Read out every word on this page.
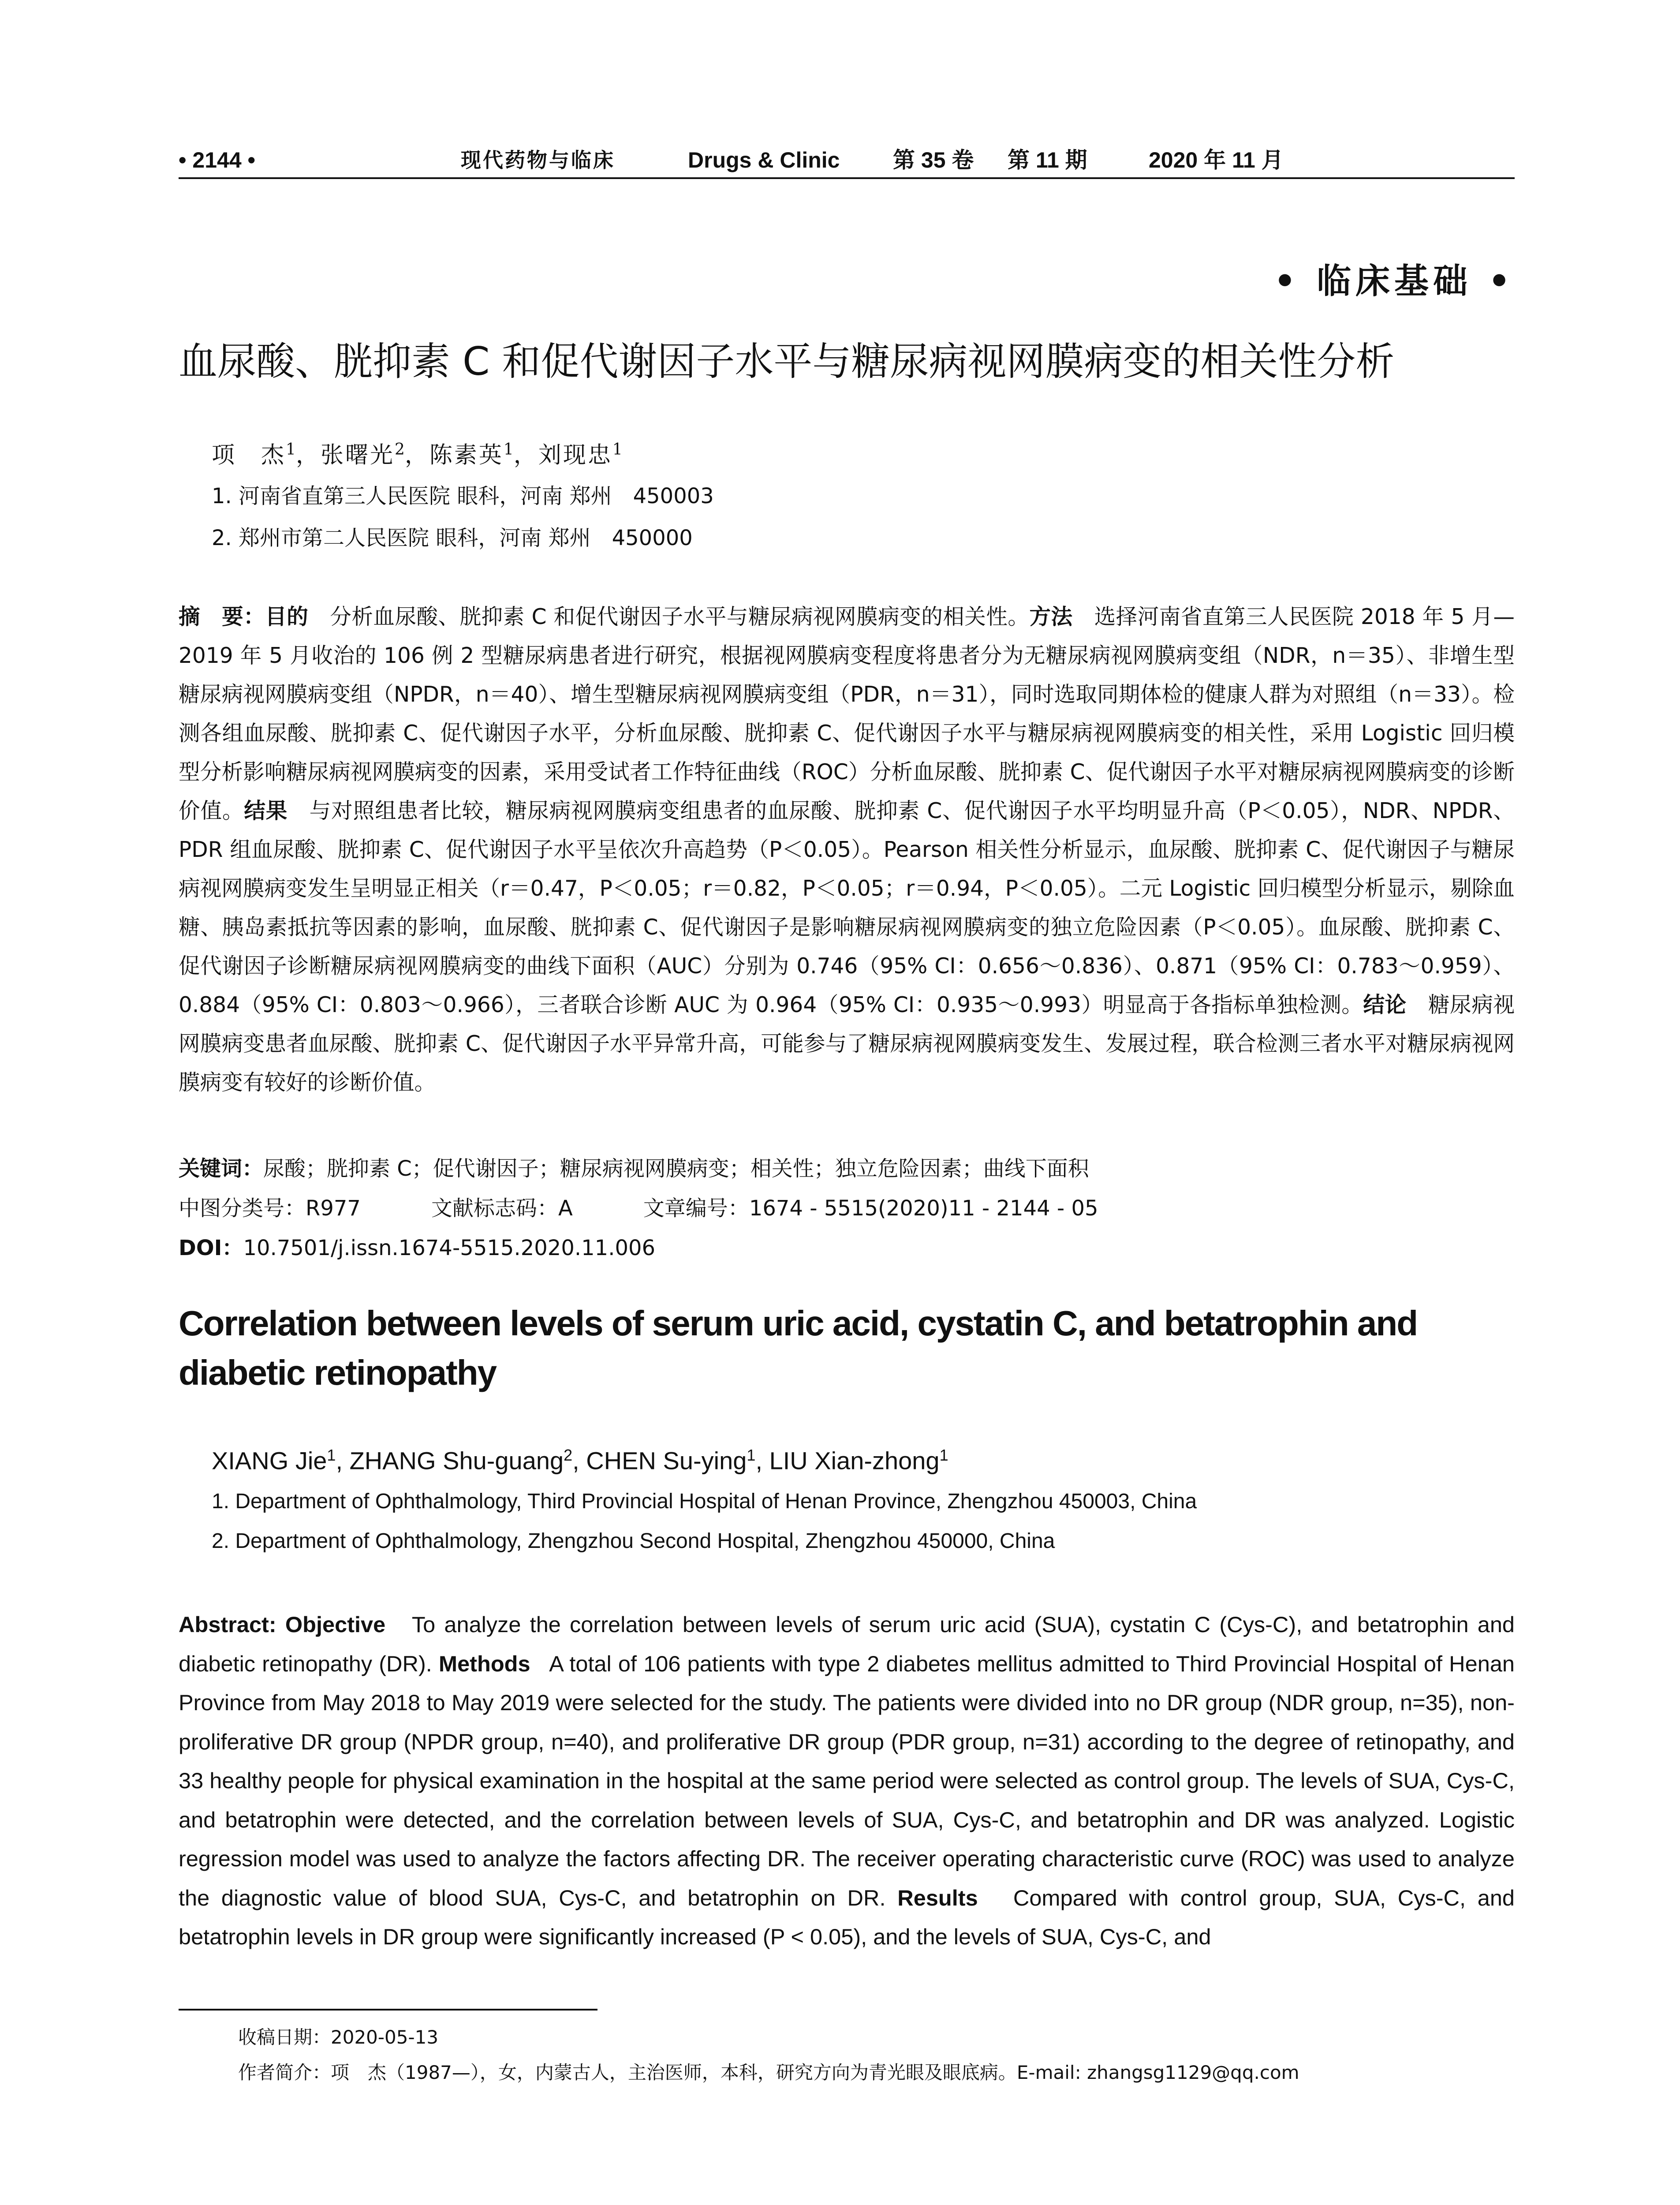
• 2144 •	现代药物与临床	Drugs & Clinic 第 35 卷 第 11 期	2020 年 11 月
• 临床基础 •
血尿酸、胱抑素 C 和促代谢因子水平与糖尿病视网膜病变的相关性分析
项　杰$^1$，张曙光$^2$，陈素英$^1$，刘现忠$^1$
1. 河南省直第三人民医院 眼科，河南 郑州　450003
2. 郑州市第二人民医院 眼科，河南 郑州　450000
摘　要：目的　分析血尿酸、胱抑素 C 和促代谢因子水平与糖尿病视网膜病变的相关性。方法　选择河南省直第三人民医院 2018 年 5 月—2019 年 5 月收治的 106 例 2 型糖尿病患者进行研究，根据视网膜病变程度将患者分为无糖尿病视网膜病变组（NDR，n＝35）、非增生型糖尿病视网膜病变组（NPDR，n＝40）、增生型糖尿病视网膜病变组（PDR，n＝31），同时选取同期体检的健康人群为对照组（n＝33）。检测各组血尿酸、胱抑素 C、促代谢因子水平，分析血尿酸、胱抑素 C、促代谢因子水平与糖尿病视网膜病变的相关性，采用 Logistic 回归模型分析影响糖尿病视网膜病变的因素，采用受试者工作特征曲线（ROC）分析血尿酸、胱抑素 C、促代谢因子水平对糖尿病视网膜病变的诊断价值。结果　与对照组患者比较，糖尿病视网膜病变组患者的血尿酸、胱抑素 C、促代谢因子水平均明显升高（P＜0.05），NDR、NPDR、PDR 组血尿酸、胱抑素 C、促代谢因子水平呈依次升高趋势（P＜0.05）。Pearson 相关性分析显示，血尿酸、胱抑素 C、促代谢因子与糖尿病视网膜病变发生呈明显正相关（r＝0.47，P＜0.05；r＝0.82，P＜0.05；r＝0.94，P＜0.05）。二元 Logistic 回归模型分析显示，剔除血糖、胰岛素抵抗等因素的影响，血尿酸、胱抑素 C、促代谢因子是影响糖尿病视网膜病变的独立危险因素（P＜0.05）。血尿酸、胱抑素 C、促代谢因子诊断糖尿病视网膜病变的曲线下面积（AUC）分别为 0.746（95% CI：0.656～0.836）、0.871（95% CI：0.783～0.959）、0.884（95% CI：0.803～0.966），三者联合诊断 AUC 为 0.964（95% CI：0.935～0.993）明显高于各指标单独检测。结论　糖尿病视网膜病变患者血尿酸、胱抑素 C、促代谢因子水平异常升高，可能参与了糖尿病视网膜病变发生、发展过程，联合检测三者水平对糖尿病视网膜病变有较好的诊断价值。
关键词：尿酸；胱抑素 C；促代谢因子；糖尿病视网膜病变；相关性；独立危险因素；曲线下面积
中图分类号：R977	文献标志码：A	文章编号：1674 - 5515(2020)11 - 2144 - 05
DOI：10.7501/j.issn.1674-5515.2020.11.006
Correlation between levels of serum uric acid, cystatin C, and betatrophin and diabetic retinopathy
XIANG Jie$^1$, ZHANG Shu-guang$^2$, CHEN Su-ying$^1$, LIU Xian-zhong$^1$
1. Department of Ophthalmology, Third Provincial Hospital of Henan Province, Zhengzhou 450003, China
2. Department of Ophthalmology, Zhengzhou Second Hospital, Zhengzhou 450000, China
Abstract: Objective To analyze the correlation between levels of serum uric acid (SUA), cystatin C (Cys-C), and betatrophin and diabetic retinopathy (DR). Methods A total of 106 patients with type 2 diabetes mellitus admitted to Third Provincial Hospital of Henan Province from May 2018 to May 2019 were selected for the study. The patients were divided into no DR group (NDR group, n=35), non-proliferative DR group (NPDR group, n=40), and proliferative DR group (PDR group, n=31) according to the degree of retinopathy, and 33 healthy people for physical examination in the hospital at the same period were selected as control group. The levels of SUA, Cys-C, and betatrophin were detected, and the correlation between levels of SUA, Cys-C, and betatrophin and DR was analyzed. Logistic regression model was used to analyze the factors affecting DR. The receiver operating characteristic curve (ROC) was used to analyze the diagnostic value of blood SUA, Cys-C, and betatrophin on DR. Results Compared with control group, SUA, Cys-C, and betatrophin levels in DR group were significantly increased (P < 0.05), and the levels of SUA, Cys-C, and
收稿日期：2020-05-13
作者简介：项　杰（1987—），女，内蒙古人，主治医师，本科，研究方向为青光眼及眼底病。E-mail: zhangsg1129@qq.com
